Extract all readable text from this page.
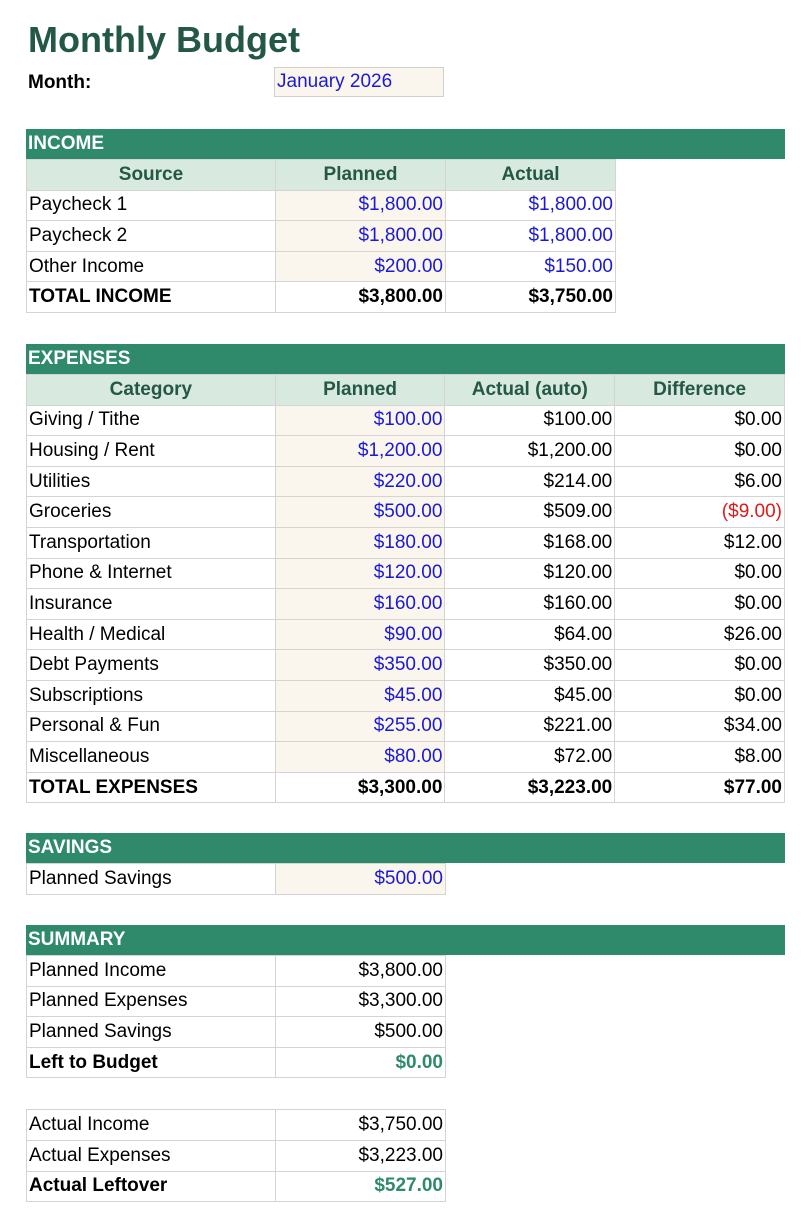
Monthly Budget
Month:	January 2026
INCOME
Source	Planned	Actual
Paycheck 1	$1,800.00	$1,800.00
Paycheck 2	$1,800.00	$1,800.00
Other Income	$200.00	$150.00
TOTAL INCOME	$3,800.00	$3,750.00
EXPENSES
Category	Planned	Actual (auto)	Difference
Giving / Tithe	$100.00	$100.00	$0.00
Housing / Rent	$1,200.00	$1,200.00	$0.00
Utilities	$220.00	$214.00	$6.00
Groceries	$500.00	$509.00	($9.00)
Transportation	$180.00	$168.00	$12.00
Phone & Internet	$120.00	$120.00	$0.00
Insurance	$160.00	$160.00	$0.00
Health / Medical	$90.00	$64.00	$26.00
Debt Payments	$350.00	$350.00	$0.00
Subscriptions	$45.00	$45.00	$0.00
Personal & Fun	$255.00	$221.00	$34.00
Miscellaneous	$80.00	$72.00	$8.00
TOTAL EXPENSES	$3,300.00	$3,223.00	$77.00
SAVINGS
Planned Savings	$500.00
SUMMARY
Planned Income	$3,800.00
Planned Expenses	$3,300.00
Planned Savings	$500.00
Left to Budget	$0.00
Actual Income	$3,750.00
Actual Expenses	$3,223.00
Actual Leftover	$527.00
